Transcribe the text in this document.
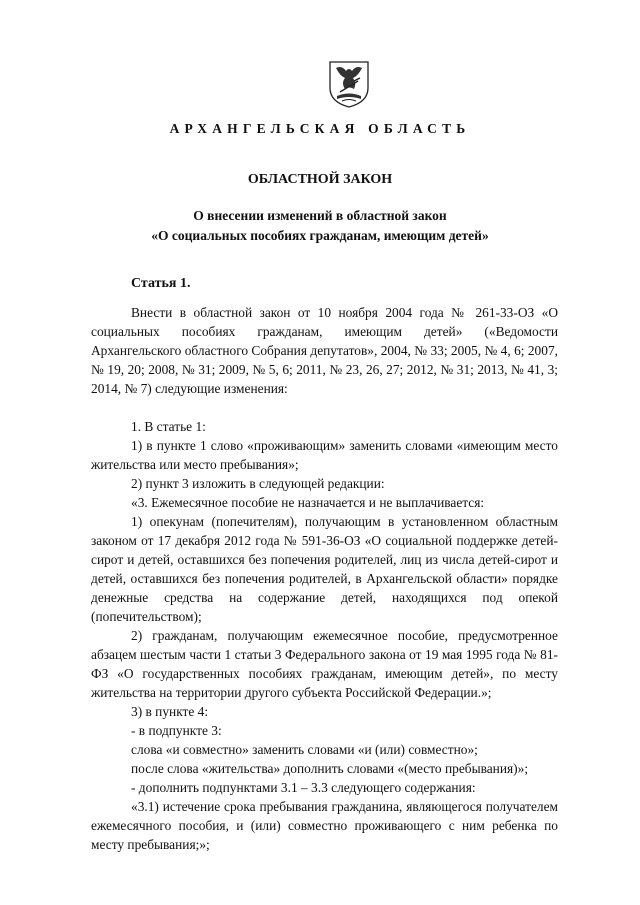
АРХАНГЕЛЬСКАЯ ОБЛАСТЬ
ОБЛАСТНОЙ ЗАКОН
О внесении изменений в областной закон
«О социальных пособиях гражданам, имеющим детей»
Статья 1.

Внести в областной закон от 10 ноября 2004 года № 261-33-ОЗ «О социальных пособиях гражданам, имеющим детей» («Ведомости Архангельского областного Собрания депутатов», 2004, № 33; 2005, № 4, 6; 2007, № 19, 20; 2008, № 31; 2009, № 5, 6; 2011, № 23, 26, 27; 2012, № 31; 2013, № 41, 3; 2014, № 7) следующие изменения:

1. В статье 1:

1) в пункте 1 слово «проживающим» заменить словами «имеющим место жительства или место пребывания»;

2) пункт 3 изложить в следующей редакции:

«3. Ежемесячное пособие не назначается и не выплачивается:

1) опекунам (попечителям), получающим в установленном областным законом от 17 декабря 2012 года № 591-36-ОЗ «О социальной поддержке детей-сирот и детей, оставшихся без попечения родителей, лиц из числа детей-сирот и детей, оставшихся без попечения родителей, в Архангельской области» порядке денежные средства на содержание детей, находящихся под опекой (попечительством);

2) гражданам, получающим ежемесячное пособие, предусмотренное абзацем шестым части 1 статьи 3 Федерального закона от 19 мая 1995 года № 81-ФЗ «О государственных пособиях гражданам, имеющим детей», по месту жительства на территории другого субъекта Российской Федерации.»;

3) в пункте 4:

- в подпункте 3:

слова «и совместно» заменить словами «и (или) совместно»;

после слова «жительства» дополнить словами «(место пребывания)»;

- дополнить подпунктами 3.1 – 3.3 следующего содержания:

«3.1) истечение срока пребывания гражданина, являющегося получателем ежемесячного пособия, и (или) совместно проживающего с ним ребенка по месту пребывания;»;
